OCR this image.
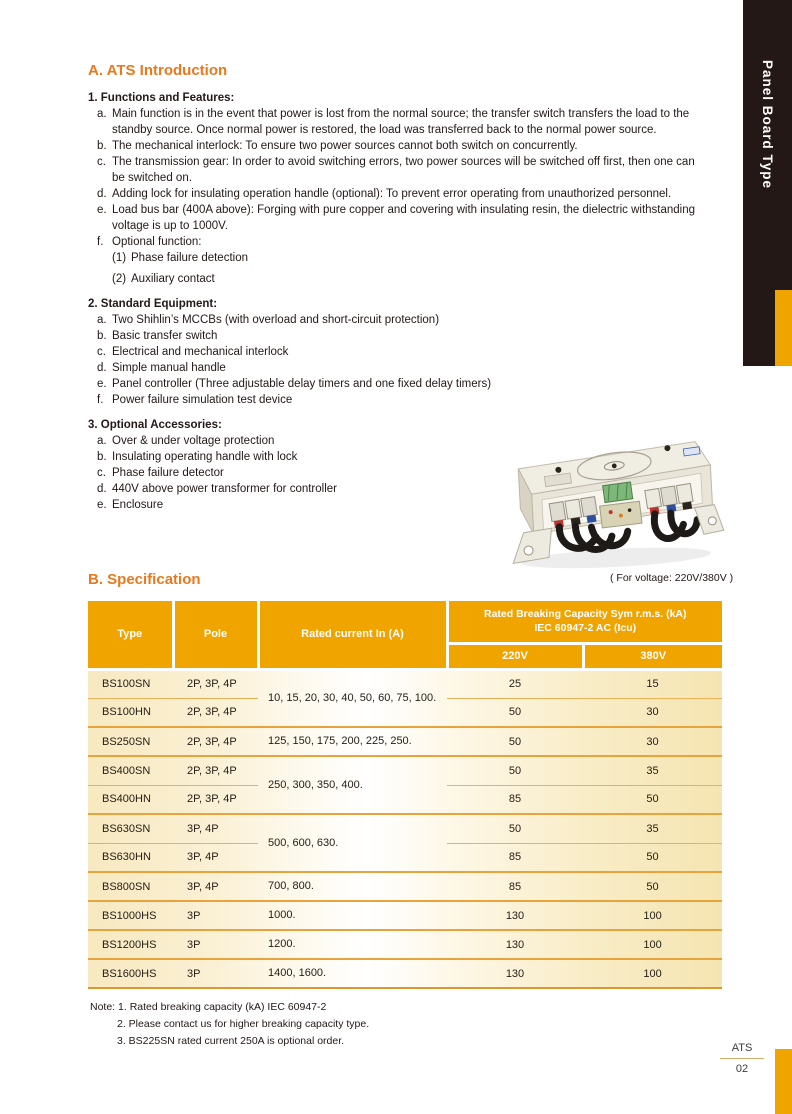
Panel Board Type
A. ATS Introduction
1. Functions and Features:
a. Main function is in the event that power is lost from the normal source; the transfer switch transfers the load to the standby source. Once normal power is restored, the load was transferred back to the normal power source.
b. The mechanical interlock: To ensure two power sources cannot both switch on concurrently.
c. The transmission gear: In order to avoid switching errors, two power sources will be switched off first, then one can be switched on.
d. Adding lock for insulating operation handle (optional): To prevent error operating from unauthorized personnel.
e. Load bus bar (400A above): Forging with pure copper and covering with insulating resin, the dielectric withstanding voltage is up to 1000V.
f. Optional function:
(1) Phase failure detection
(2) Auxiliary contact
2. Standard Equipment:
a. Two Shihlin’s MCCBs (with overload and short-circuit protection)
b. Basic transfer switch
c. Electrical and mechanical interlock
d. Simple manual handle
e. Panel controller (Three adjustable delay timers and one fixed delay timers)
f. Power failure simulation test device
3. Optional Accessories:
a. Over & under voltage protection
b. Insulating operating handle with lock
c. Phase failure detector
d. 440V above power transformer for controller
e. Enclosure
( For voltage: 220V/380V )
B. Specification
Type	Pole	Rated current In (A)	Rated Breaking Capacity Sym r.m.s. (kA) IEC 60947-2 AC (Icu)	
			220V	380V
BS100SN	2P, 3P, 4P	10, 15, 20, 30, 40, 50, 60, 75, 100.	25	15
BS100HN	2P, 3P, 4P		50	30
BS250SN	2P, 3P, 4P	125, 150, 175, 200, 225, 250.	50	30
BS400SN	2P, 3P, 4P	250, 300, 350, 400.	50	35
BS400HN	2P, 3P, 4P		85	50
BS630SN	3P, 4P	500, 600, 630.	50	35
BS630HN	3P, 4P		85	50
BS800SN	3P, 4P	700, 800.	85	50
BS1000HS	3P	1000.	130	100
BS1200HS	3P	1200.	130	100
BS1600HS	3P	1400, 1600.	130	100
Note: 1. Rated breaking capacity (kA) IEC 60947-2
2. Please contact us for higher breaking capacity type.
3. BS225SN rated current 250A is optional order.
ATS
02
